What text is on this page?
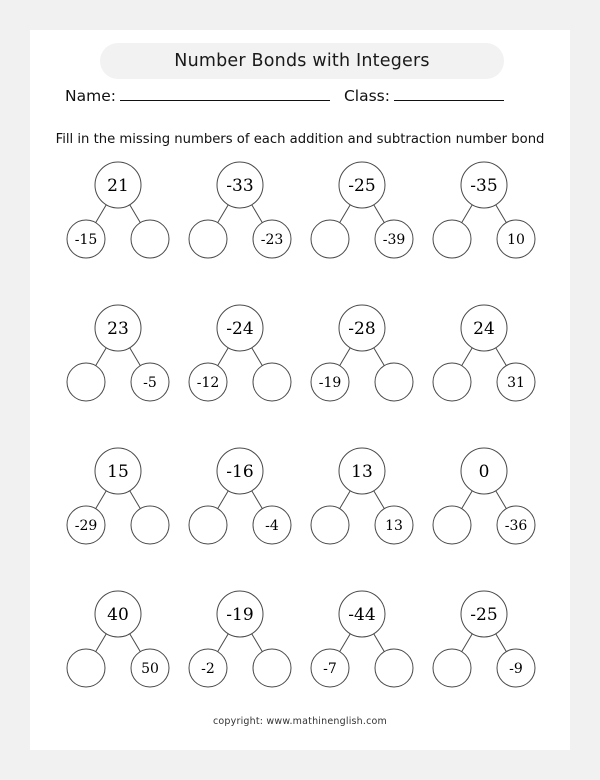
Number Bonds with Integers
Name:	Class:
Fill in the missing numbers of each addition and subtraction number bond
21
-15
-33
-23
-25
-39
-35
10
23
-5
-24
-12
-28
-19
24
31
15
-29
-16
-4
13
13
0
-36
40
50
-19
-2
-44
-7
-25
-9
copyright: www.mathinenglish.com
